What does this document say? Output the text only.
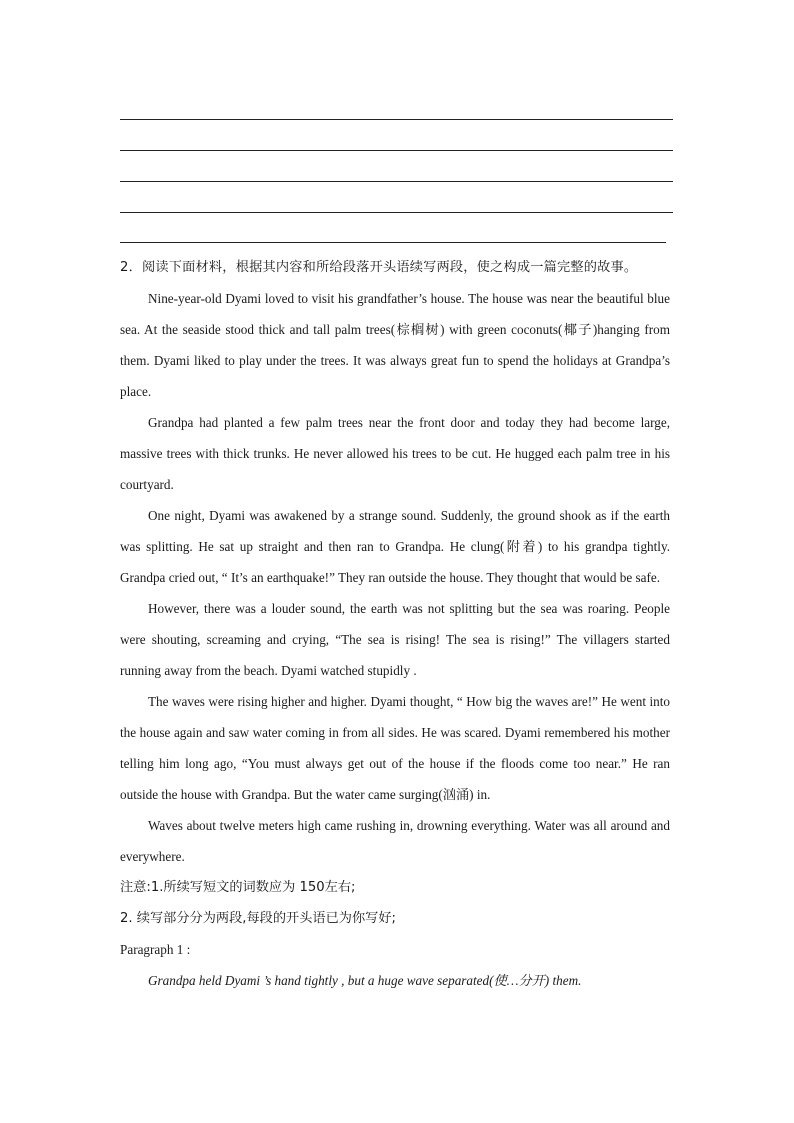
2．阅读下面材料，根据其内容和所给段落开头语续写两段，使之构成一篇完整的故事。

Nine-year-old Dyami loved to visit his grandfather’s house. The house was near the beautiful blue sea. At the seaside stood thick and tall palm trees(棕榈树) with green coconuts(椰子)hanging from them. Dyami liked to play under the trees. It was always great fun to spend the holidays at Grandpa’s place.

Grandpa had planted a few palm trees near the front door and today they had become large, massive trees with thick trunks. He never allowed his trees to be cut. He hugged each palm tree in his courtyard.

One night, Dyami was awakened by a strange sound. Suddenly, the ground shook as if the earth was splitting. He sat up straight and then ran to Grandpa. He clung(附着) to his grandpa tightly. Grandpa cried out, “ It’s an earthquake!” They ran outside the house. They thought that would be safe.

However, there was a louder sound, the earth was not splitting but the sea was roaring. People were shouting, screaming and crying, “The sea is rising! The sea is rising!” The villagers started running away from the beach. Dyami watched stupidly .

The waves were rising higher and higher. Dyami thought, “ How big the waves are!” He went into the house again and saw water coming in from all sides. He was scared. Dyami remembered his mother telling him long ago, “You must always get out of the house if the floods come too near.” He ran outside the house with Grandpa. But the water came surging(汹涌) in.

Waves about twelve meters high came rushing in, drowning everything. Water was all around and everywhere.

注意:1.所续写短文的词数应为 150左右;

2. 续写部分分为两段,每段的开头语已为你写好;

Paragraph 1 :

Grandpa held Dyami ’s hand tightly , but a huge wave separated(使…分开) them.
